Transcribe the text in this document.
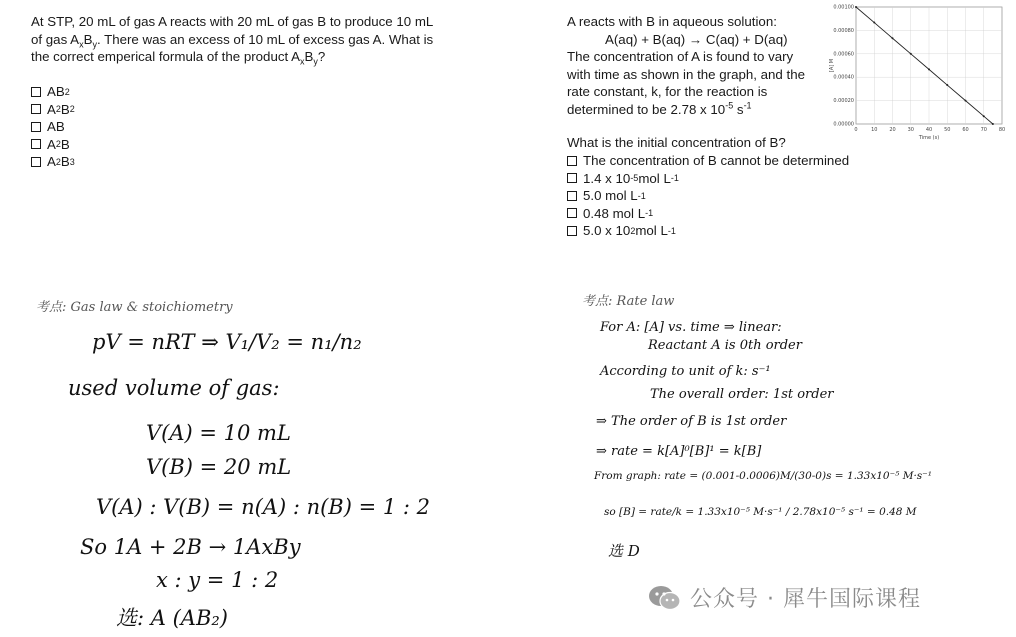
At STP, 20 mL of gas A reacts with 20 mL of gas B to produce 10 mL
of gas $A_xB_y$. There was an excess of 10 mL of excess gas A. What is
the correct emperical formula of the product $A_xB_y$?
AB 2
A 2 B 2
AB
A 2 B
A 2 B 3
A reacts with B in aqueous solution:
A(aq) + B(aq) → C(aq) + D(aq)
The concentration of A is found to vary
with time as shown in the graph, and the
rate constant, k, for the reaction is
determined to be 2.78 x $10^{-5}$ $s^{-1}$
What is the initial concentration of B?
The concentration of B cannot be determined
1.4 x 10 -5 mol L -1
5.0 mol L -1
0.48 mol L -1
5.0 x 10 2 mol L -1
0	10 20 30 40 50 60 70 80
0.00000
0.00020
0.00040
0.00060
0.00080
0.00100
Time (s)
[A] M
考点: Gas law & stoichiometry
pV = nRT ⇒ V₁/V₂ = n₁/n₂
used volume of gas:
V(A) = 10 mL
V(B) = 20 mL
V(A) : V(B) = n(A) : n(B) = 1 : 2
So 1A + 2B → 1AxBy
x : y = 1 : 2
选: A (AB₂)
考点: Rate law
For A: [A] vs. time ⇒ linear:
Reactant A is 0th order
According to unit of k: s⁻¹
The overall order: 1st order
⇒ The order of B is 1st order
⇒ rate = k[A]⁰[B]¹ = k[B]
From graph: rate = (0.001-0.0006)M/(30-0)s = 1.33x10⁻⁵ M·s⁻¹
so [B] = rate/k = 1.33x10⁻⁵ M·s⁻¹ / 2.78x10⁻⁵ s⁻¹ = 0.48 M
选 D
公众号 · 犀牛国际课程
